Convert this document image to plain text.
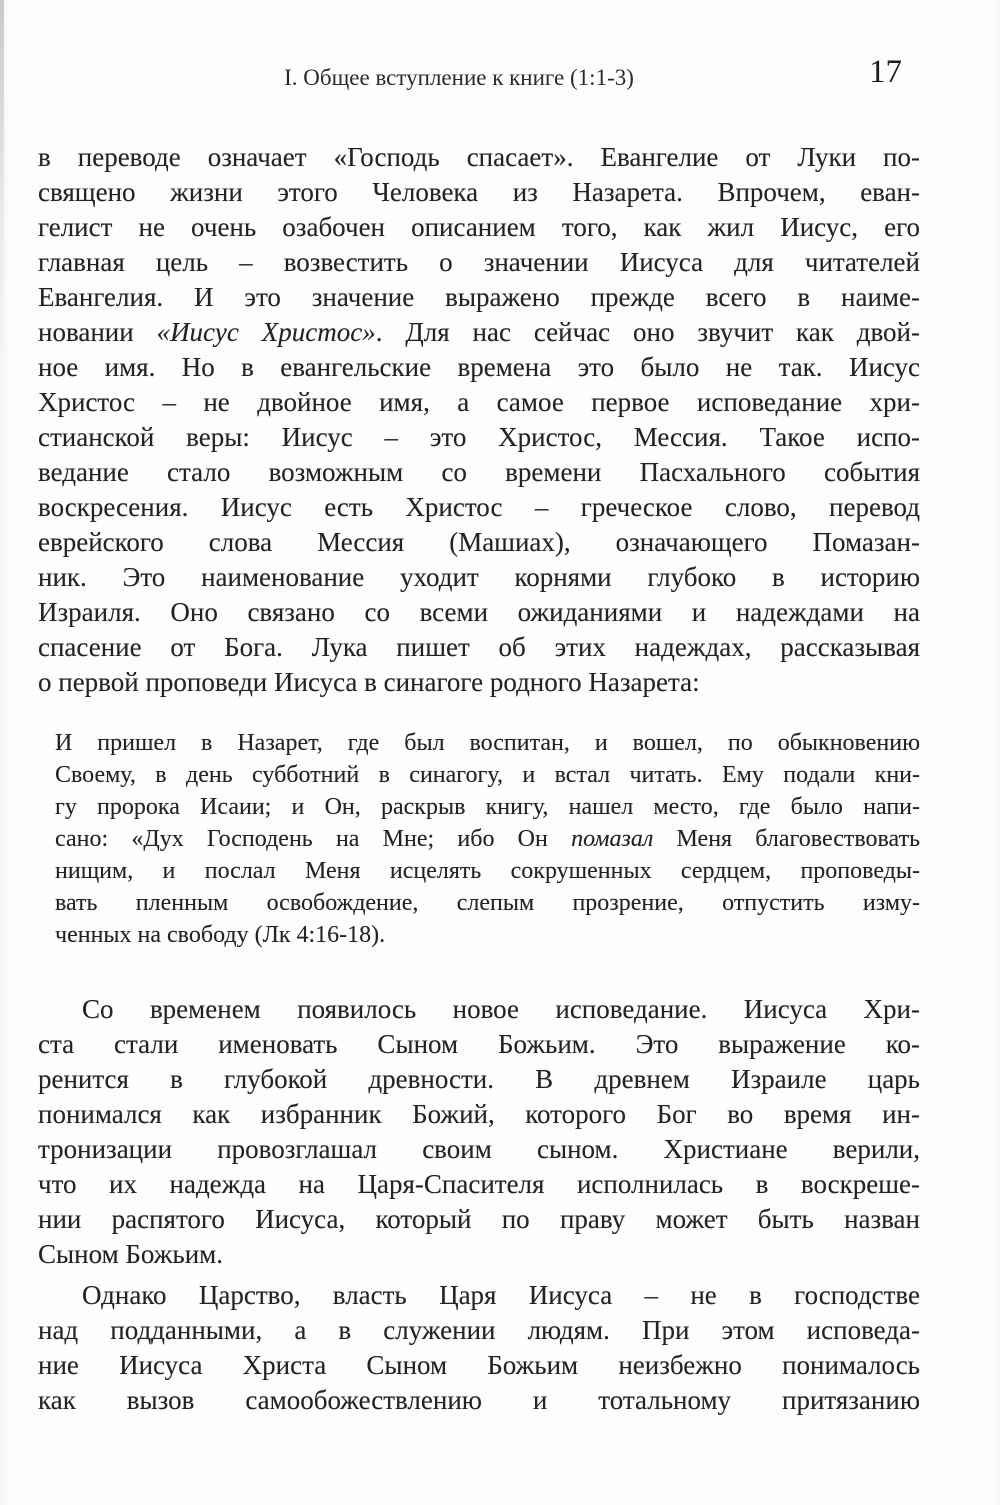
I. Общее вступление к книге (1:1-3)	17
в переводе означает «Господь спасает». Евангелие от Луки по-
священо жизни этого Человека из Назарета. Впрочем, еван-
гелист не очень озабочен описанием того, как жил Иисус, его
главная цель – возвестить о значении Иисуса для читателей
Евангелия. И это значение выражено прежде всего в наиме-
новании «Иисус Христос». Для нас сейчас оно звучит как двой-
ное имя. Но в евангельские времена это было не так. Иисус
Христос – не двойное имя, а самое первое исповедание хри-
стианской веры: Иисус – это Христос, Мессия. Такое испо-
ведание стало возможным со времени Пасхального события
воскресения. Иисус есть Христос – греческое слово, перевод
еврейского слова Мессия (Машиах), означающего Помазан-
ник. Это наименование уходит корнями глубоко в историю
Израиля. Оно связано со всеми ожиданиями и надеждами на
спасение от Бога. Лука пишет об этих надеждах, рассказывая
о первой проповеди Иисуса в синагоге родного Назарета:
И пришел в Назарет, где был воспитан, и вошел, по обыкновению
Своему, в день субботний в синагогу, и встал читать. Ему подали кни-
гу пророка Исаии; и Он, раскрыв книгу, нашел место, где было напи-
сано: «Дух Господень на Мне; ибо Он помазал Меня благовествовать
нищим, и послал Меня исцелять сокрушенных сердцем, проповеды-
вать пленным освобождение, слепым прозрение, отпустить изму-
ченных на свободу (Лк 4:16-18).
Со временем появилось новое исповедание. Иисуса Хри-
ста стали именовать Сыном Божьим. Это выражение ко-
ренится в глубокой древности. В древнем Израиле царь
понимался как избранник Божий, которого Бог во время ин-
тронизации провозглашал своим сыном. Христиане верили,
что их надежда на Царя-Спасителя исполнилась в воскреше-
нии распятого Иисуса, который по праву может быть назван
Сыном Божьим.
Однако Царство, власть Царя Иисуса – не в господстве
над подданными, а в служении людям. При этом исповеда-
ние Иисуса Христа Сыном Божьим неизбежно понималось
как вызов самообожествлению и тотальному притязанию
